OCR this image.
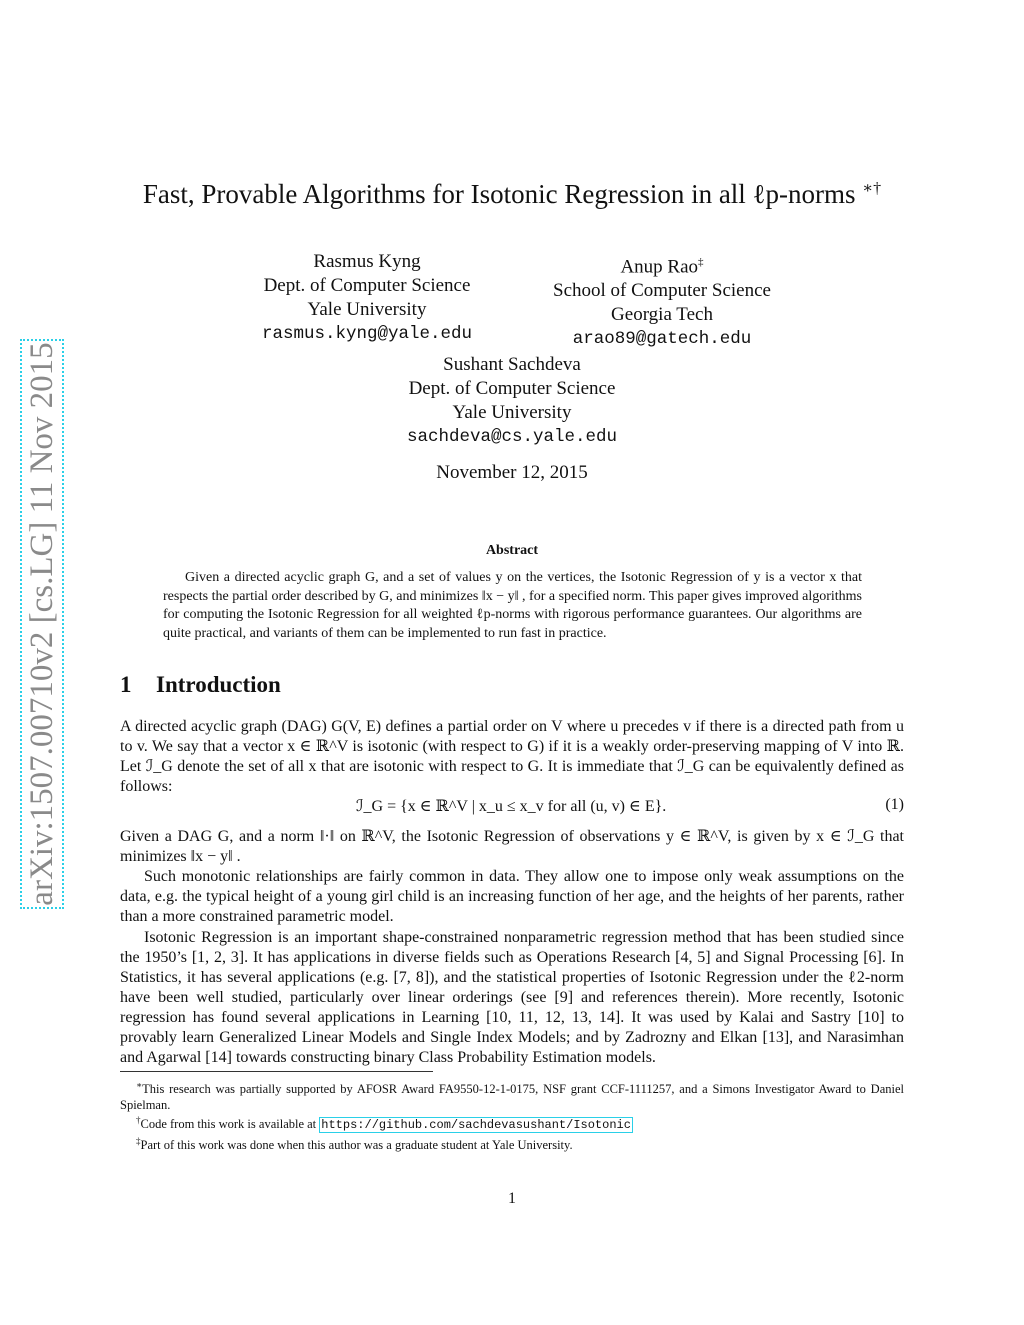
arXiv:1507.00710v2 [cs.LG] 11 Nov 2015
Fast, Provable Algorithms for Isotonic Regression in all ℓp-norms ∗†
Rasmus Kyng
Dept. of Computer Science
Yale University
rasmus.kyng@yale.edu
Anup Rao‡
School of Computer Science
Georgia Tech
arao89@gatech.edu
Sushant Sachdeva
Dept. of Computer Science
Yale University
sachdeva@cs.yale.edu
November 12, 2015
Abstract
Given a directed acyclic graph G, and a set of values y on the vertices, the Isotonic Regression of y is a vector x that respects the partial order described by G, and minimizes ‖x − y‖ , for a specified norm. This paper gives improved algorithms for computing the Isotonic Regression for all weighted ℓp-norms with rigorous performance guarantees. Our algorithms are quite practical, and variants of them can be implemented to run fast in practice.
1 Introduction
A directed acyclic graph (DAG) G(V, E) defines a partial order on V where u precedes v if there is a directed path from u to v. We say that a vector x ∈ ℝ^V is isotonic (with respect to G) if it is a weakly order-preserving mapping of V into ℝ. Let ℐ_G denote the set of all x that are isotonic with respect to G. It is immediate that ℐ_G can be equivalently defined as follows:
ℐ_G = {x ∈ ℝ^V | x_u ≤ x_v for all (u, v) ∈ E}.	(1)
Given a DAG G, and a norm ‖·‖ on ℝ^V, the Isotonic Regression of observations y ∈ ℝ^V, is given by x ∈ ℐ_G that minimizes ‖x − y‖ .
Such monotonic relationships are fairly common in data. They allow one to impose only weak assumptions on the data, e.g. the typical height of a young girl child is an increasing function of her age, and the heights of her parents, rather than a more constrained parametric model.
Isotonic Regression is an important shape-constrained nonparametric regression method that has been studied since the 1950’s [1, 2, 3]. It has applications in diverse fields such as Operations Research [4, 5] and Signal Processing [6]. In Statistics, it has several applications (e.g. [7, 8]), and the statistical properties of Isotonic Regression under the ℓ2-norm have been well studied, particularly over linear orderings (see [9] and references therein). More recently, Isotonic regression has found several applications in Learning [10, 11, 12, 13, 14]. It was used by Kalai and Sastry [10] to provably learn Generalized Linear Models and Single Index Models; and by Zadrozny and Elkan [13], and Narasimhan and Agarwal [14] towards constructing binary Class Probability Estimation models.

∗This research was partially supported by AFOSR Award FA9550-12-1-0175, NSF grant CCF-1111257, and a Simons Investigator Award to Daniel Spielman.

†Code from this work is available at https://github.com/sachdevasushant/Isotonic

‡Part of this work was done when this author was a graduate student at Yale University.

1
